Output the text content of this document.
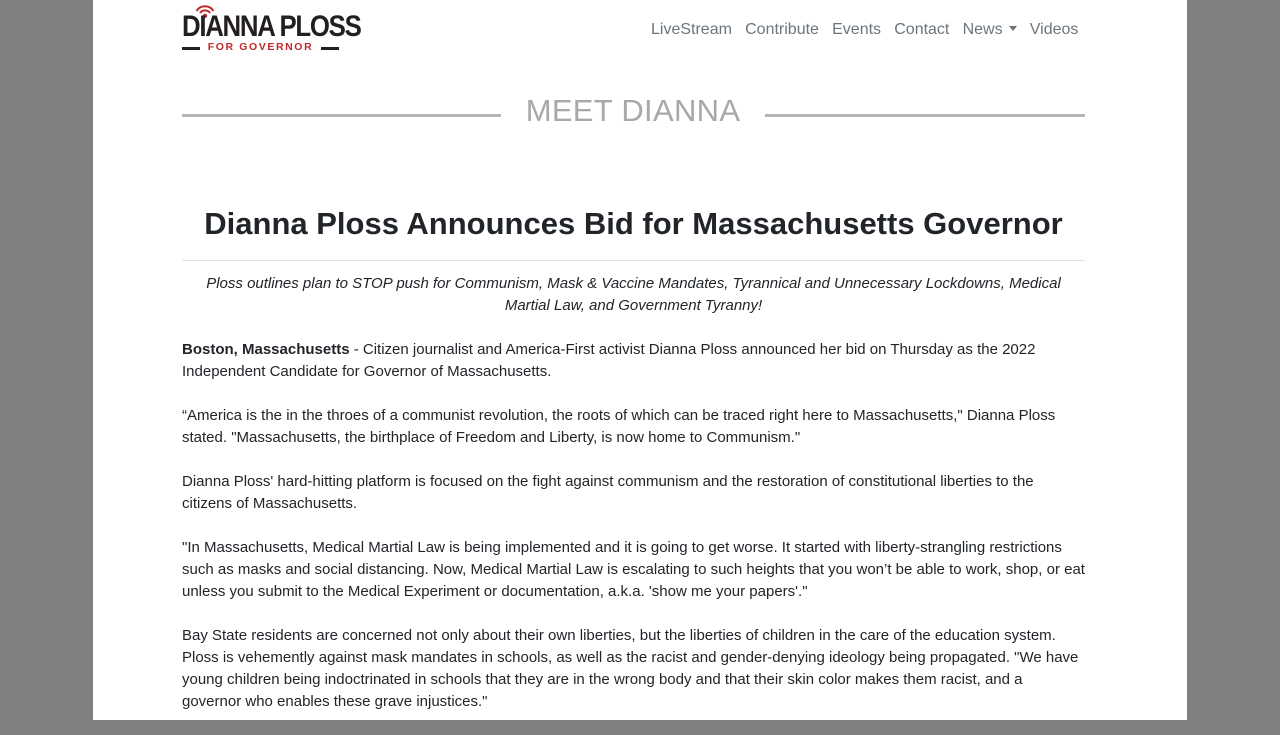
DIANNA PLOSS
FOR GOVERNOR
LiveStream Contribute Events Contact News	Videos
MEET DIANNA
Dianna Ploss Announces Bid for Massachusetts Governor

Ploss outlines plan to STOP push for Communism, Mask & Vaccine Mandates, Tyrannical and Unnecessary Lockdowns, Medical Martial Law, and Government Tyranny!

Boston, Massachusetts - Citizen journalist and America-First activist Dianna Ploss announced her bid on Thursday as the 2022 Independent Candidate for Governor of Massachusetts.

“America is the in the throes of a communist revolution, the roots of which can be traced right here to Massachusetts," Dianna Ploss stated. "Massachusetts, the birthplace of Freedom and Liberty, is now home to Communism."

Dianna Ploss' hard-hitting platform is focused on the fight against communism and the restoration of constitutional liberties to the citizens of Massachusetts.

"In Massachusetts, Medical Martial Law is being implemented and it is going to get worse. It started with liberty-strangling restrictions such as masks and social distancing. Now, Medical Martial Law is escalating to such heights that you won’t be able to work, shop, or eat unless you submit to the Medical Experiment or documentation, a.k.a. 'show me your papers'."

Bay State residents are concerned not only about their own liberties, but the liberties of children in the care of the education system. Ploss is vehemently against mask mandates in schools, as well as the racist and gender-denying ideology being propagated. "We have young children being indoctrinated in schools that they are in the wrong body and that their skin color makes them racist, and a governor who enables these grave injustices."
